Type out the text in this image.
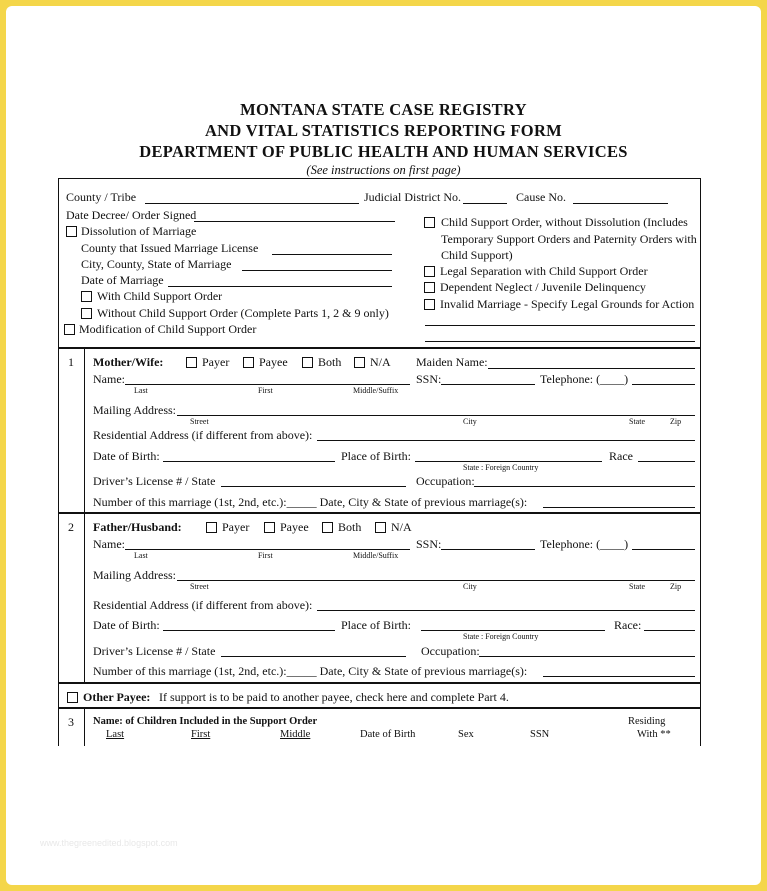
MONTANA STATE CASE REGISTRY
AND VITAL STATISTICS REPORTING FORM
DEPARTMENT OF PUBLIC HEALTH AND HUMAN SERVICES
(See instructions on first page)
County / Tribe	Judicial District No.	Cause No.
Date Decree/ Order Signed
Dissolution of Marriage
County that Issued Marriage License
City, County, State of Marriage
Date of Marriage
With Child Support Order
Without Child Support Order (Complete Parts 1, 2 & 9 only)
Modification of Child Support Order
Child Support Order, without Dissolution (Includes
Temporary Support Orders and Paternity Orders with
Child Support)
Legal Separation with Child Support Order
Dependent Neglect / Juvenile Delinquency
Invalid Marriage - Specify Legal Grounds for Action
1 Mother/Wife:	Payer Payee	Both N/A Maiden Name:
Name:
Last	First	Middle/Suffix
SSN:	Telephone: (____)
Mailing Address:
Street	City	State	Zip
Residential Address (if different from above):
Date of Birth:	Place of Birth:
State : Foreign Country
Race
Driver’s License # / State	Occupation:
Number of this marriage (1st, 2nd, etc.):_____ Date, City & State of previous marriage(s):
2 Father/Husband:	Payer	Payee Both N/A
Name:
Last	First	Middle/Suffix
SSN:	Telephone: (____)
Mailing Address:
Street	City	State	Zip
Residential Address (if different from above):
Date of Birth:	Place of Birth:
State : Foreign Country
Race:
Driver’s License # / State	Occupation:
Number of this marriage (1st, 2nd, etc.):_____ Date, City & State of previous marriage(s):
Other Payee: If support is to be paid to another payee, check here and complete Part 4.
3 Name: of Children Included in the Support Order	Residing
Last	First	Middle	Date of Birth	Sex	SSN	With **
www.thegreenedited.blogspot.com
